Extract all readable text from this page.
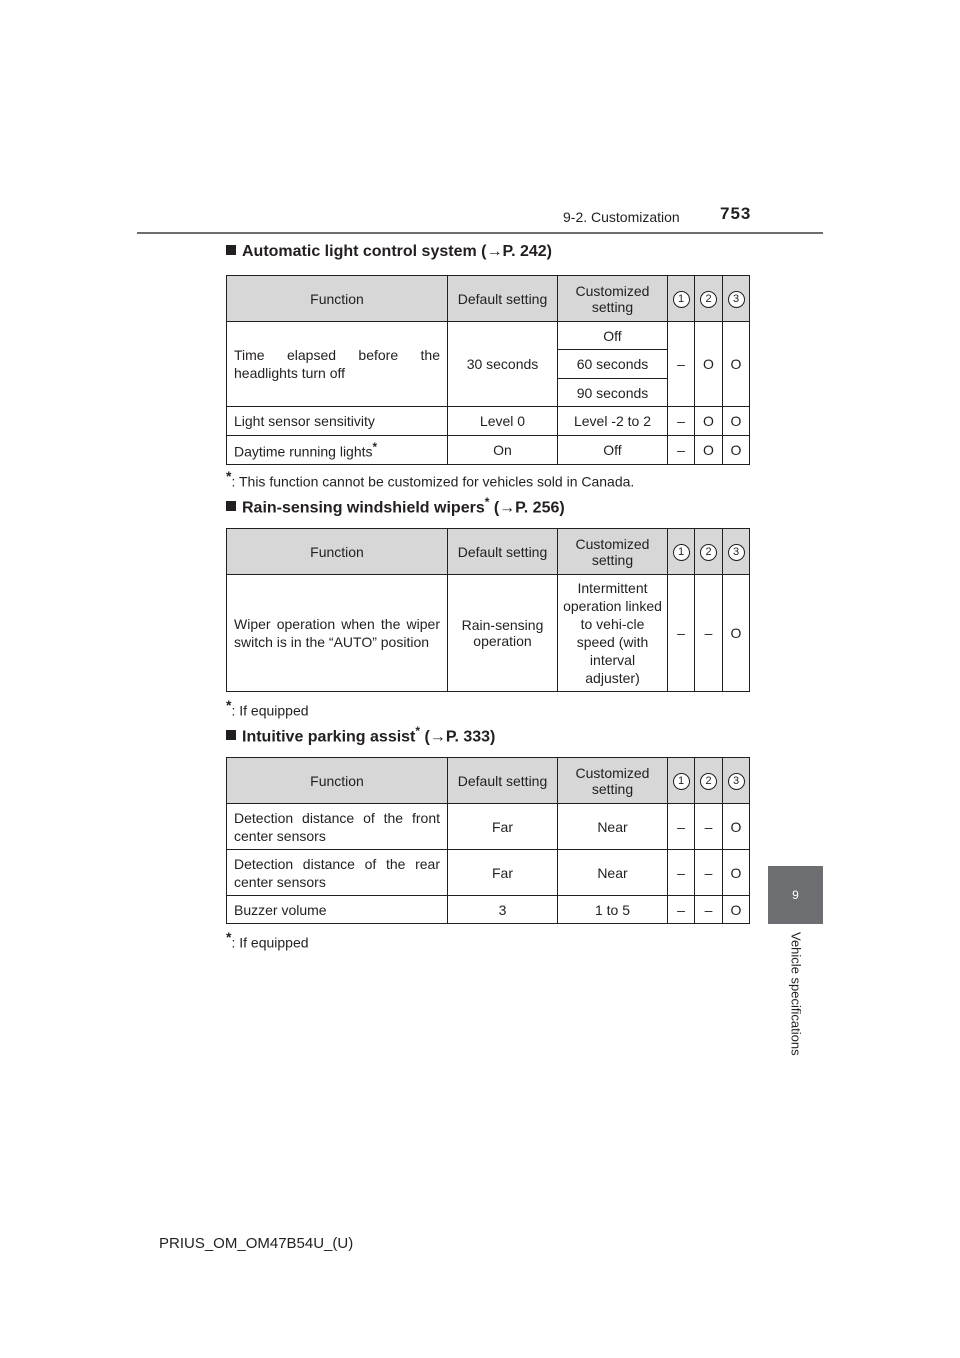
9-2. Customization 753
9
Vehicle specifications
Automatic light control system (→P. 242)
Function	Default setting	Customized setting	1	2	3
Time elapsed before the headlights turn off	30 seconds	Off	–	O	O
		60 seconds			
		90 seconds			
Light sensor sensitivity	Level 0	Level -2 to 2	–	O	O
Daytime running lights*	On	Off	–	O	O
*: This function cannot be customized for vehicles sold in Canada.
Rain-sensing windshield wipers* (→P. 256)
Function	Default setting	Customized setting	1	2	3
Wiper operation when the wiper switch is in the “AUTO” position	Rain-sensing operation	Intermittent operation linked to vehi-cle speed (with interval adjuster)	–	–	O
*: If equipped
Intuitive parking assist* (→P. 333)
Function	Default setting	Customized setting	1	2	3
Detection distance of the front center sensors	Far	Near	–	–	O
Detection distance of the rear center sensors	Far	Near	–	–	O
Buzzer volume	3	1 to 5	–	–	O
*: If equipped
PRIUS_OM_OM47B54U_(U)
